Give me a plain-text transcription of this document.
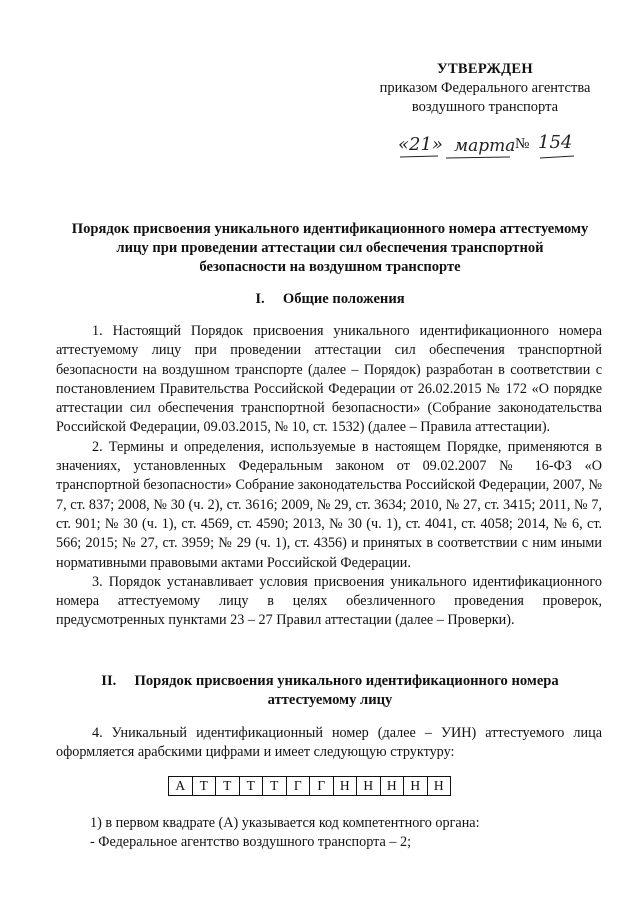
УТВЕРЖДЕН
приказом Федерального агентства
воздушного транспорта
«21» марта № 154
Порядок присвоения уникального идентификационного номера аттестуемому
лицу при проведении аттестации сил обеспечения транспортной
безопасности на воздушном транспорте
I.     Общие положения

1. Настоящий Порядок присвоения уникального идентификационного номера аттестуемому лицу при проведении аттестации сил обеспечения транспортной безопасности на воздушном транспорте (далее – Порядок) разработан в соответствии с постановлением Правительства Российской Федерации от 26.02.2015 № 172 «О порядке аттестации сил обеспечения транспортной безопасности» (Собрание законодательства Российской Федерации, 09.03.2015, № 10, ст. 1532) (далее – Правила аттестации).

2. Термины и определения, используемые в настоящем Порядке, применяются в значениях, установленных Федеральным законом от 09.02.2007 № 16-ФЗ «О транспортной безопасности» Собрание законодательства Российской Федерации, 2007, № 7, ст. 837; 2008, № 30 (ч. 2), ст. 3616; 2009, № 29, ст. 3634; 2010, № 27, ст. 3415; 2011, № 7, ст. 901; № 30 (ч. 1), ст. 4569, ст. 4590; 2013, № 30 (ч. 1), ст. 4041, ст. 4058; 2014, № 6, ст. 566; 2015; № 27, ст. 3959; № 29 (ч. 1), ст. 4356) и принятых в соответствии с ним иными нормативными правовыми актами Российской Федерации.

3. Порядок устанавливает условия присвоения уникального идентификационного номера аттестуемому лицу в целях обезличенного проведения проверок, предусмотренных пунктами 23 – 27 Правил аттестации (далее – Проверки).

II.     Порядок присвоения уникального идентификационного номера
аттестуемому лицу

4. Уникальный идентификационный номер (далее – УИН) аттестуемого лица оформляется арабскими цифрами и имеет следующую структуру:

А	Т	Т	Т	Т	Г	Г	Н	Н	Н	Н	Н
1) в первом квадрате (А) указывается код компетентного органа:
- Федеральное агентство воздушного транспорта – 2;
